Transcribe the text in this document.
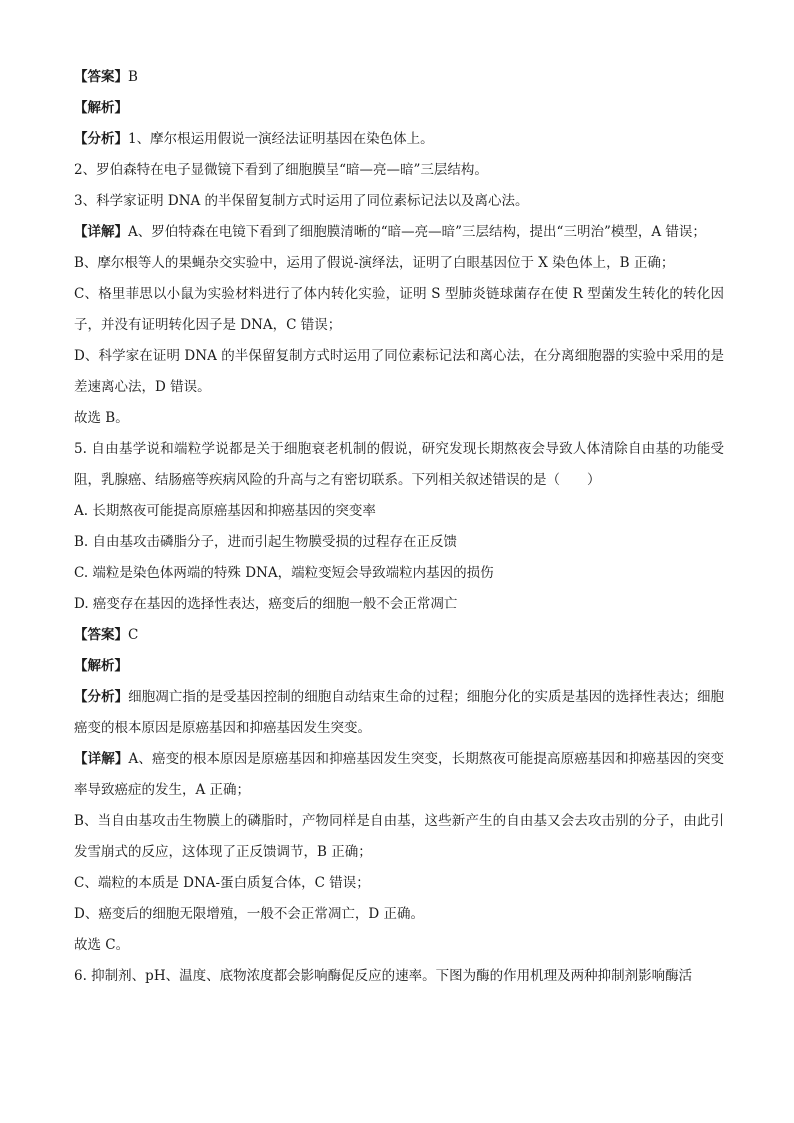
【答案】B
【解析】
【分析】1、摩尔根运用假说一演经法证明基因在染色体上。
2、罗伯森特在电子显微镜下看到了细胞膜呈“暗—亮—暗”三层结构。
3、科学家证明 DNA 的半保留复制方式时运用了同位素标记法以及离心法。
【详解】A、罗伯特森在电镜下看到了细胞膜清晰的“暗—亮—暗”三层结构，提出“三明治”模型，A 错误；
B、摩尔根等人的果蝇杂交实验中，运用了假说-演绎法，证明了白眼基因位于 X 染色体上，B 正确；
C、格里菲思以小鼠为实验材料进行了体内转化实验，证明 S 型肺炎链球菌存在使 R 型菌发生转化的转化因子，并没有证明转化因子是 DNA，C 错误；
D、科学家在证明 DNA 的半保留复制方式时运用了同位素标记法和离心法，在分离细胞器的实验中采用的是差速离心法，D 错误。
故选 B。
5. 自由基学说和端粒学说都是关于细胞衰老机制的假说，研究发现长期熬夜会导致人体清除自由基的功能受阻，乳腺癌、结肠癌等疾病风险的升高与之有密切联系。下列相关叙述错误的是（　　）
A. 长期熬夜可能提高原癌基因和抑癌基因的突变率
B. 自由基攻击磷脂分子，进而引起生物膜受损的过程存在正反馈
C. 端粒是染色体两端的特殊 DNA，端粒变短会导致端粒内基因的损伤
D. 癌变存在基因的选择性表达，癌变后的细胞一般不会正常凋亡
【答案】C
【解析】
【分析】细胞凋亡指的是受基因控制的细胞自动结束生命的过程；细胞分化的实质是基因的选择性表达；细胞癌变的根本原因是原癌基因和抑癌基因发生突变。
【详解】A、癌变的根本原因是原癌基因和抑癌基因发生突变，长期熬夜可能提高原癌基因和抑癌基因的突变率导致癌症的发生，A 正确；
B、当自由基攻击生物膜上的磷脂时，产物同样是自由基，这些新产生的自由基又会去攻击别的分子，由此引发雪崩式的反应，这体现了正反馈调节，B 正确；
C、端粒的本质是 DNA-蛋白质复合体，C 错误；
D、癌变后的细胞无限增殖，一般不会正常凋亡，D 正确。
故选 C。
6. 抑制剂、pH、温度、底物浓度都会影响酶促反应的速率。下图为酶的作用机理及两种抑制剂影响酶活
